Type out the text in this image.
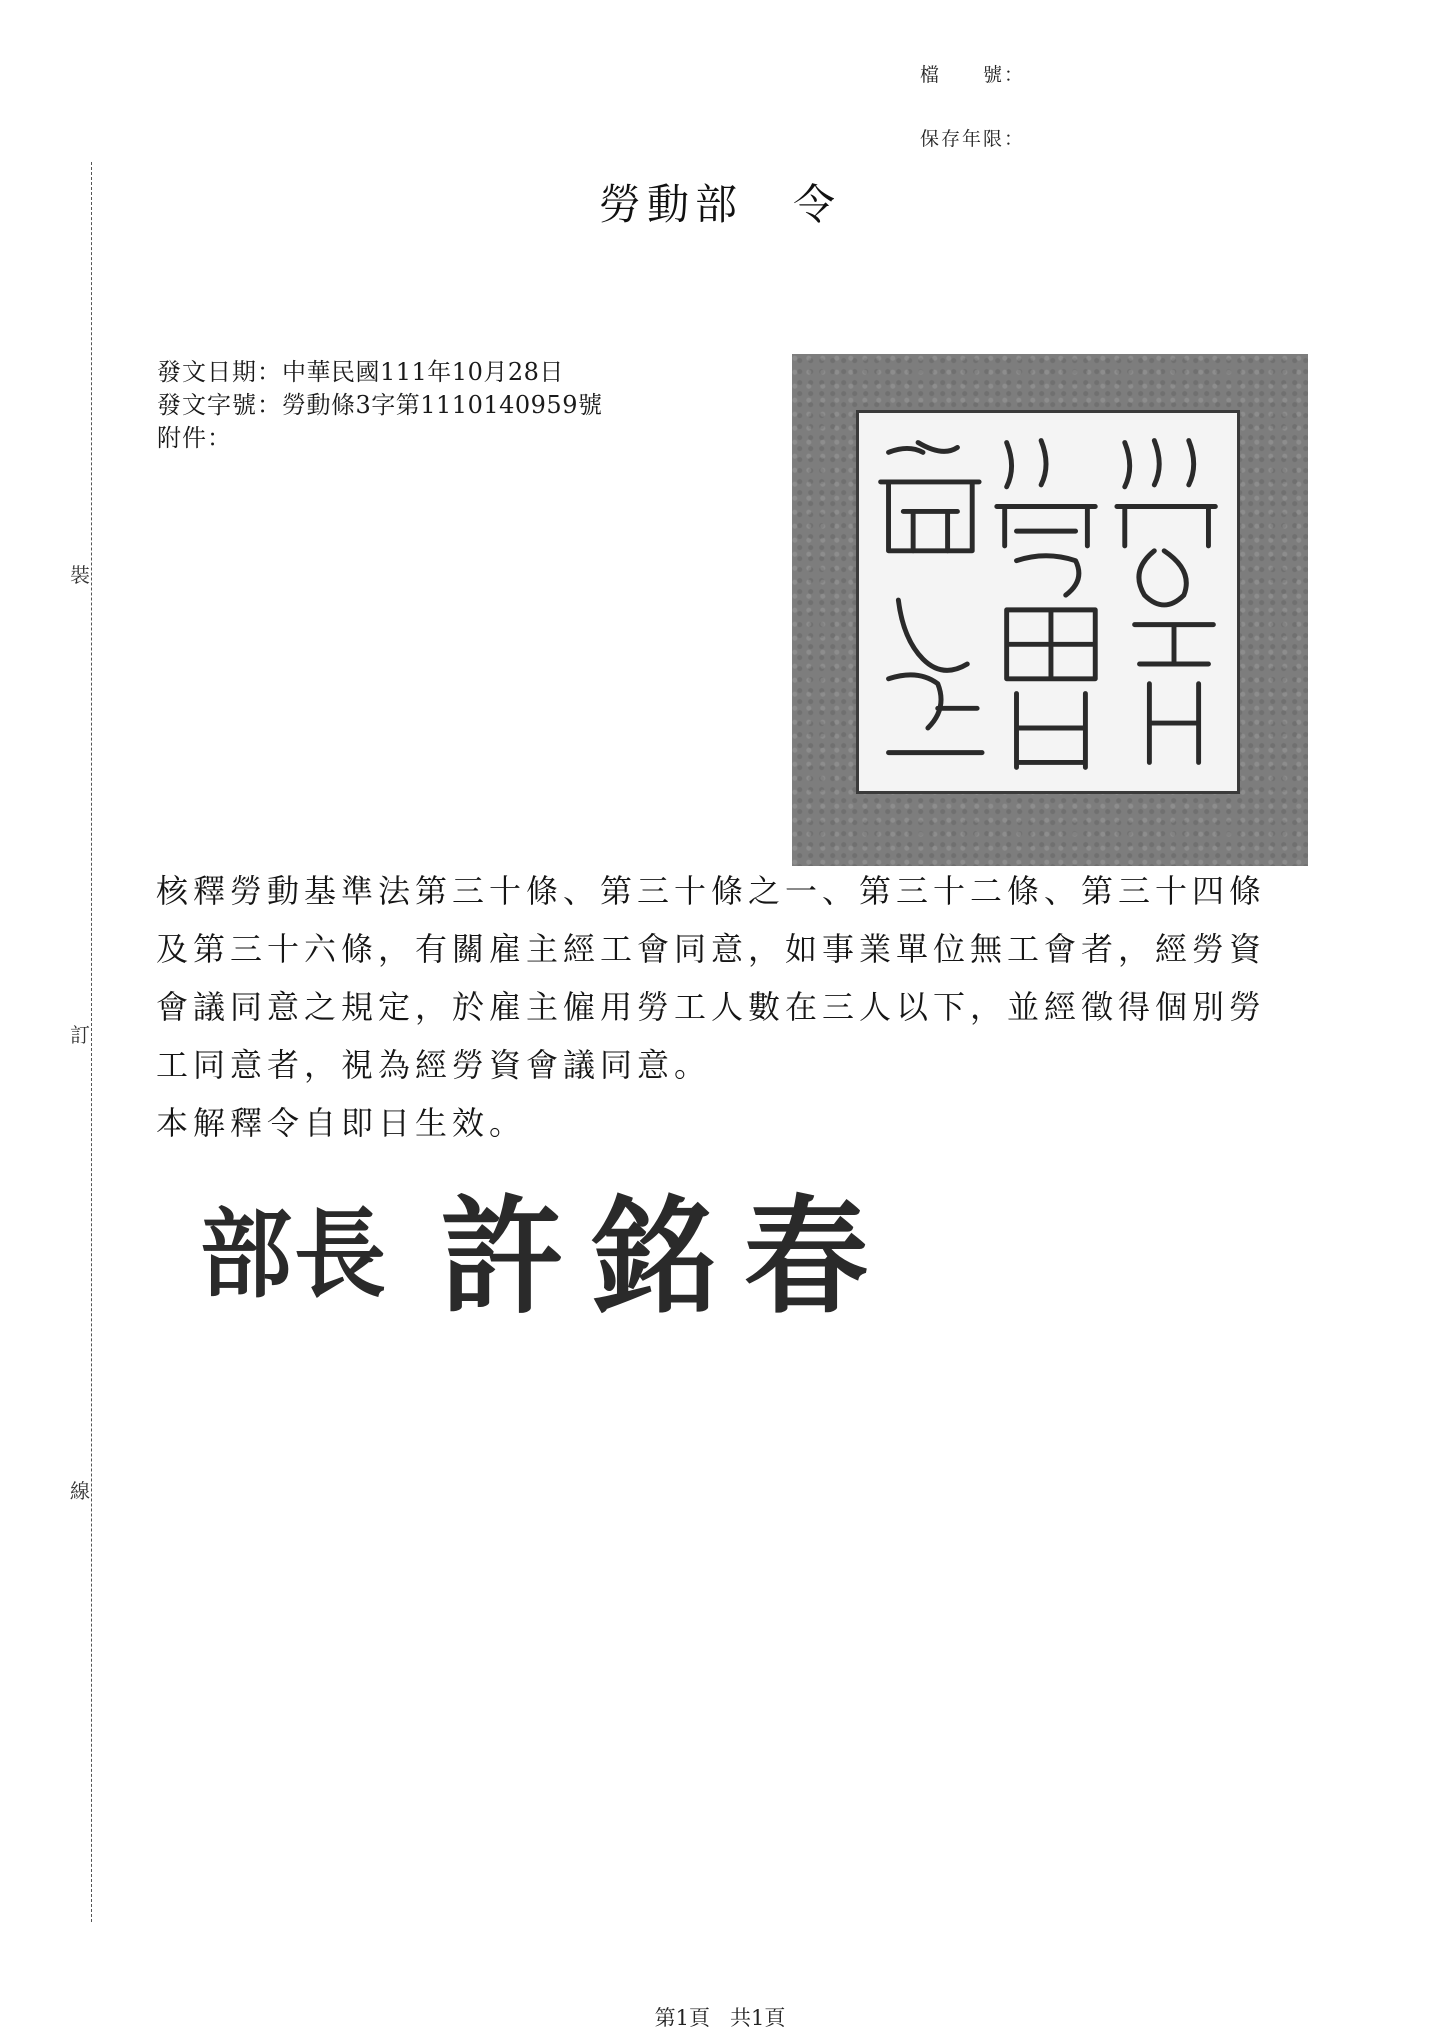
裝
訂
線
檔　　號：
保存年限：
勞動部 令
發文日期：中華民國111年10月28日
發文字號：勞動條3字第1110140959號
附件：

核釋勞動基準法第三十條、第三十條之一、第三十二條、第三十四條及第三十六條，有關雇主經工會同意，如事業單位無工會者，經勞資會議同意之規定，於雇主僱用勞工人數在三人以下，並經徵得個別勞工同意者，視為經勞資會議同意。

本解釋令自即日生效。

部長 許銘春
第1頁 共1頁
